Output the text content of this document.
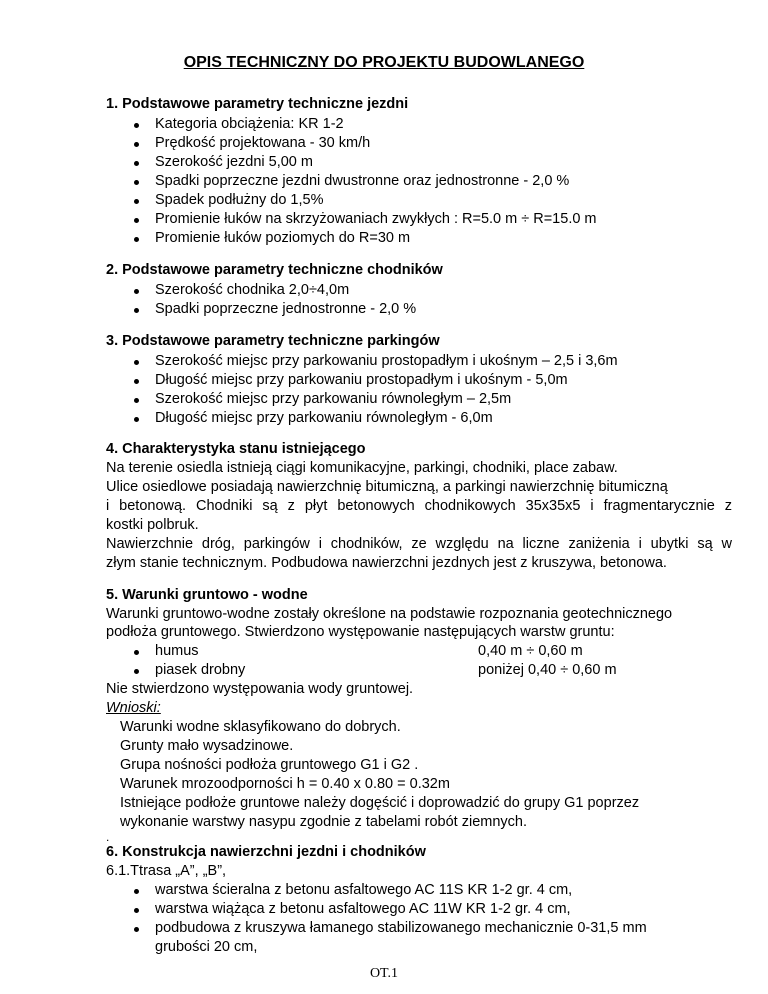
OPIS TECHNICZNY DO PROJEKTU BUDOWLANEGO
1. Podstawowe parametry techniczne jezdni
Kategoria obciążenia: KR 1-2
Prędkość projektowana - 30 km/h
Szerokość jezdni 5,00 m
Spadki poprzeczne jezdni dwustronne oraz jednostronne - 2,0 %
Spadek podłużny do 1,5%
Promienie łuków na skrzyżowaniach zwykłych : R=5.0 m ÷ R=15.0 m
Promienie łuków poziomych do R=30 m
2. Podstawowe parametry techniczne chodników
Szerokość chodnika 2,0÷4,0m
Spadki poprzeczne jednostronne - 2,0 %
3. Podstawowe parametry techniczne parkingów
Szerokość miejsc przy parkowaniu prostopadłym i ukośnym – 2,5 i 3,6m
Długość miejsc przy parkowaniu prostopadłym i ukośnym - 5,0m
Szerokość miejsc przy parkowaniu równoległym – 2,5m
Długość miejsc przy parkowaniu równoległym - 6,0m
4. Charakterystyka stanu istniejącego
Na terenie osiedla istnieją ciągi komunikacyjne, parkingi, chodniki, place zabaw.
Ulice osiedlowe posiadają nawierzchnię bitumiczną, a parkingi nawierzchnię bitumiczną
i betonową. Chodniki są z płyt betonowych chodnikowych 35x35x5 i fragmentarycznie z
kostki polbruk.
Nawierzchnie dróg, parkingów i chodników, ze względu na liczne zaniżenia i ubytki są w
złym stanie technicznym. Podbudowa nawierzchni jezdnych jest z kruszywa, betonowa.
5. Warunki gruntowo - wodne
Warunki gruntowo-wodne zostały określone na podstawie rozpoznania geotechnicznego
podłoża gruntowego. Stwierdzono występowanie następujących warstw gruntu:
humus	0,40 m ÷ 0,60 m
piasek drobny	poniżej 0,40 ÷ 0,60 m
Nie stwierdzono występowania wody gruntowej.
Wnioski:
Warunki wodne sklasyfikowano do dobrych.
Grunty mało wysadzinowe.
Grupa nośności podłoża gruntowego G1 i G2 .
Warunek mrozoodporności h = 0.40 x 0.80 = 0.32m
Istniejące podłoże gruntowe należy dogęścić i doprowadzić do grupy G1 poprzez
wykonanie warstwy nasypu zgodnie z tabelami robót ziemnych.
.
6. Konstrukcja nawierzchni jezdni i chodników
6.1.Ttrasa „A”, „B”,
warstwa ścieralna z betonu asfaltowego AC 11S KR 1-2 gr. 4 cm,
warstwa wiążąca z betonu asfaltowego AC 11W KR 1-2 gr. 4 cm,
podbudowa z kruszywa łamanego stabilizowanego mechanicznie 0-31,5 mm
grubości 20 cm,
OT.1
